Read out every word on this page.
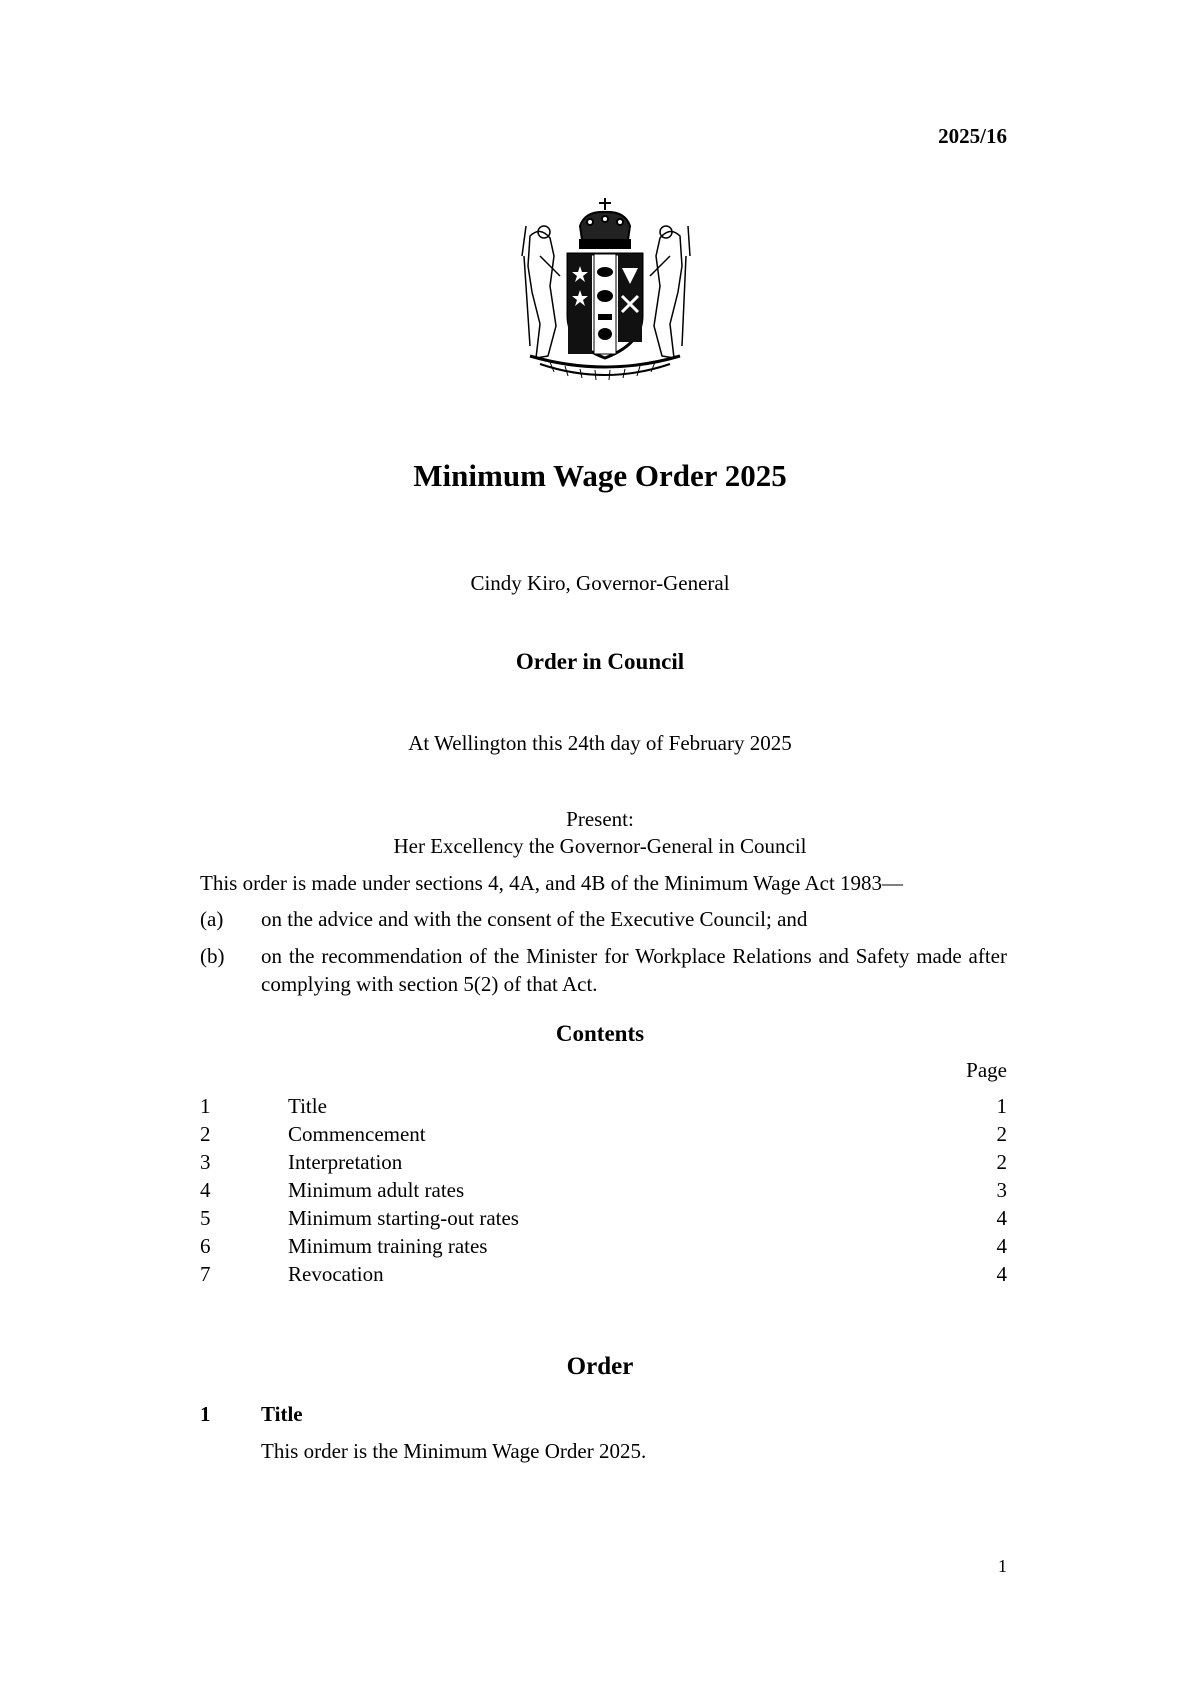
2025/16
Minimum Wage Order 2025
Cindy Kiro, Governor-General
Order in Council
At Wellington this 24th day of February 2025
Present:
Her Excellency the Governor-General in Council
This order is made under sections 4, 4A, and 4B of the Minimum Wage Act 1983—
(a)	on the advice and with the consent of the Executive Council; and
(b)	on the recommendation of the Minister for Workplace Relations and Safety made after complying with section 5(2) of that Act.
Contents
Page
1	Title	1
2	Commencement	2
3	Interpretation	2
4	Minimum adult rates	3
5	Minimum starting-out rates	4
6	Minimum training rates	4
7	Revocation	4
Order
1 Title
This order is the Minimum Wage Order 2025.
1
